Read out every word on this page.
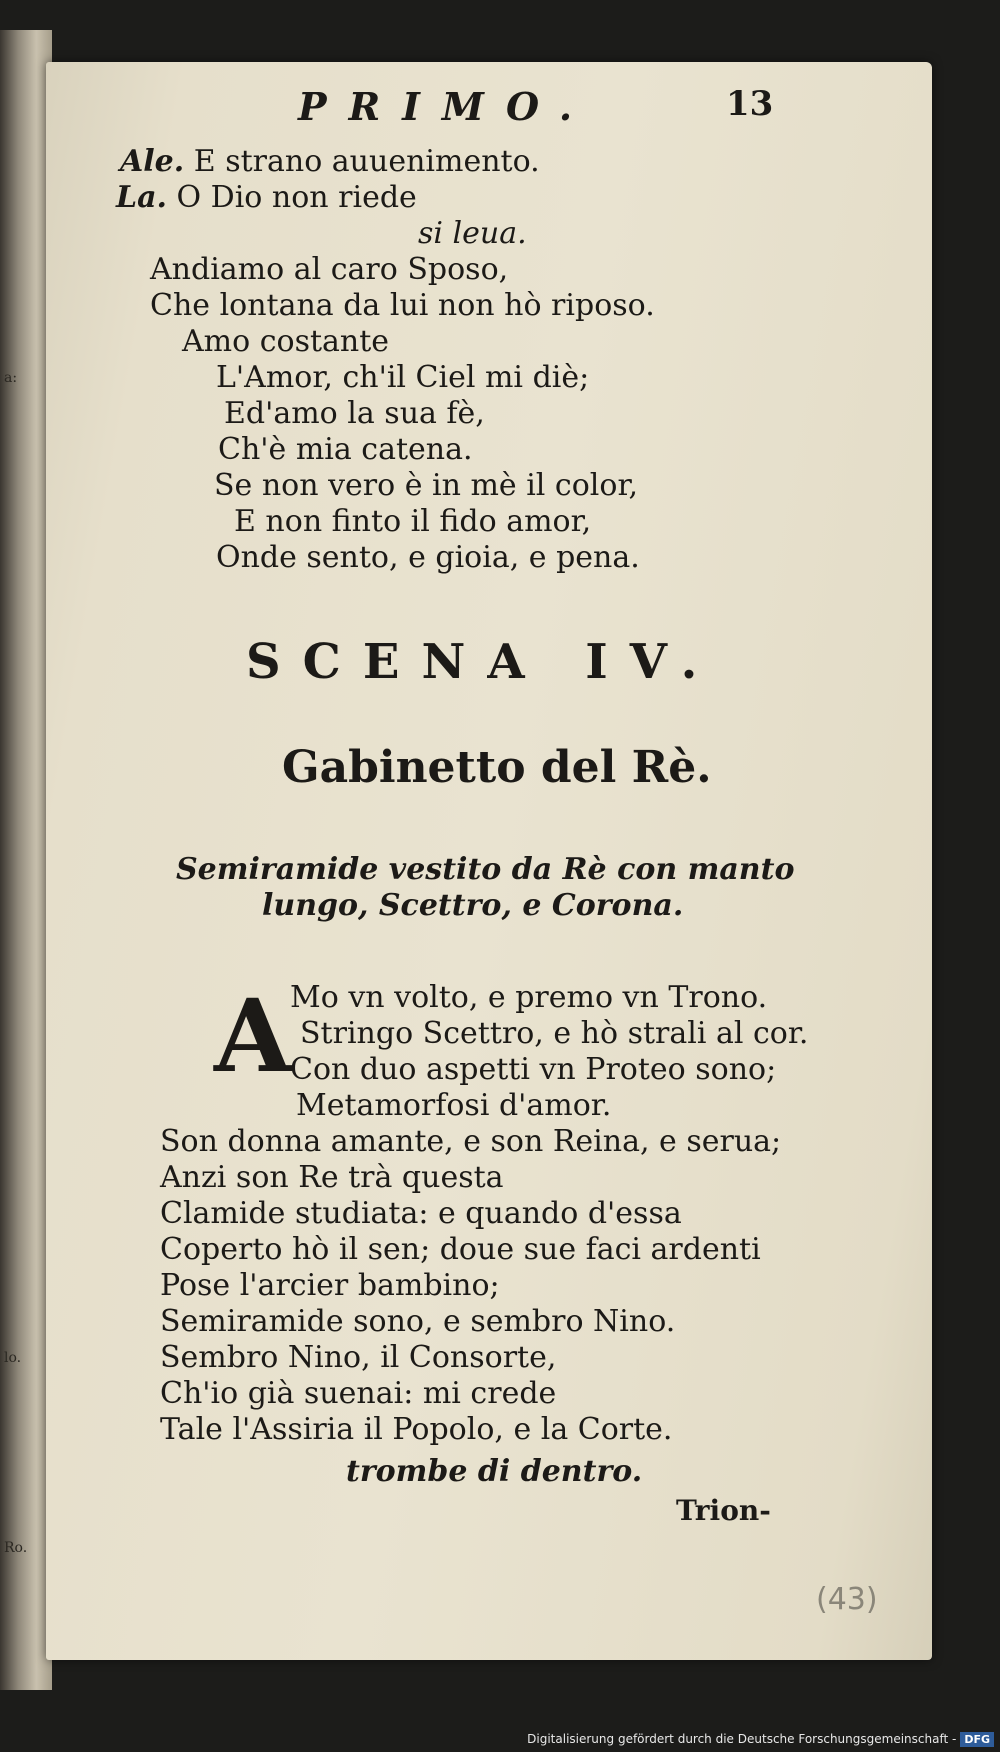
a:
lo.
Ro.
PRIMO.	13
Ale. E strano auuenimento.
La. O Dio non riede
si leua.
Andiamo al caro Sposo,
Che lontana da lui non hò riposo.
Amo costante
L'Amor, ch'il Ciel mi diè;
Ed'amo la sua fè,
Ch'è mia catena.
Se non vero è in mè il color,
E non finto il fido amor,
Onde sento, e gioia, e pena.
SCENA IV.
Gabinetto del Rè.
Semiramide vestito da Rè con manto
lungo, Scettro, e Corona.
A
Mo vn volto, e premo vn Trono.
Stringo Scettro, e hò strali al cor.
Con duo aspetti vn Proteo sono;
Metamorfosi d'amor.
Son donna amante, e son Reina, e serua;
Anzi son Re trà questa
Clamide studiata: e quando d'essa
Coperto hò il sen; doue sue faci ardenti
Pose l'arcier bambino;
Semiramide sono, e sembro Nino.
Sembro Nino, il Consorte,
Ch'io già suenai: mi crede
Tale l'Assiria il Popolo, e la Corte.
trombe di dentro.
Trion-
(43)
Digitalisierung gefördert durch die Deutsche Forschungsgemeinschaft - DFG
